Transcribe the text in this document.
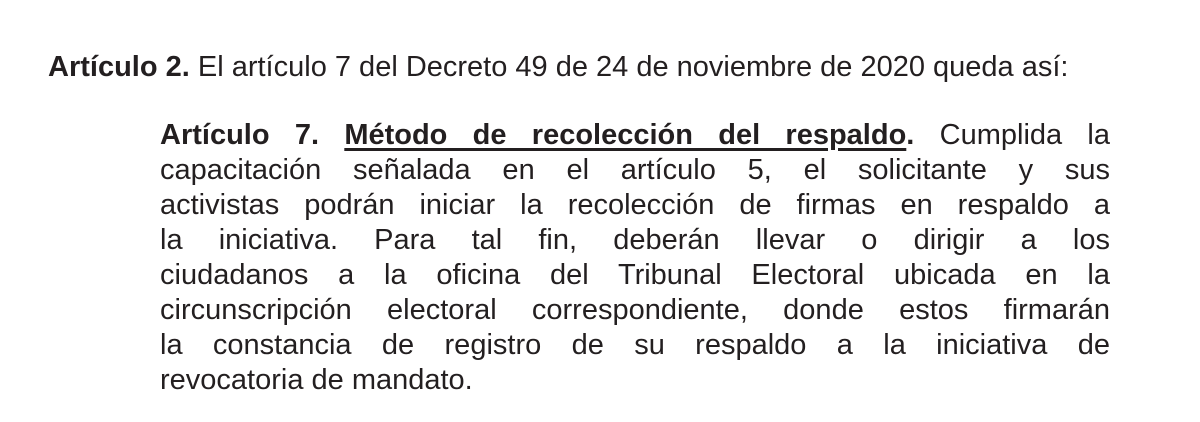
Artículo 2. El artículo 7 del Decreto 49 de 24 de noviembre de 2020 queda así:

Artículo 7. Método de recolección del respaldo. Cumplida la
capacitación señalada en el artículo 5, el solicitante y sus
activistas podrán iniciar la recolección de firmas en respaldo a
la iniciativa. Para tal fin, deberán llevar o dirigir a los
ciudadanos a la oficina del Tribunal Electoral ubicada en la
circunscripción electoral correspondiente, donde estos firmarán
la constancia de registro de su respaldo a la iniciativa de
revocatoria de mandato.
